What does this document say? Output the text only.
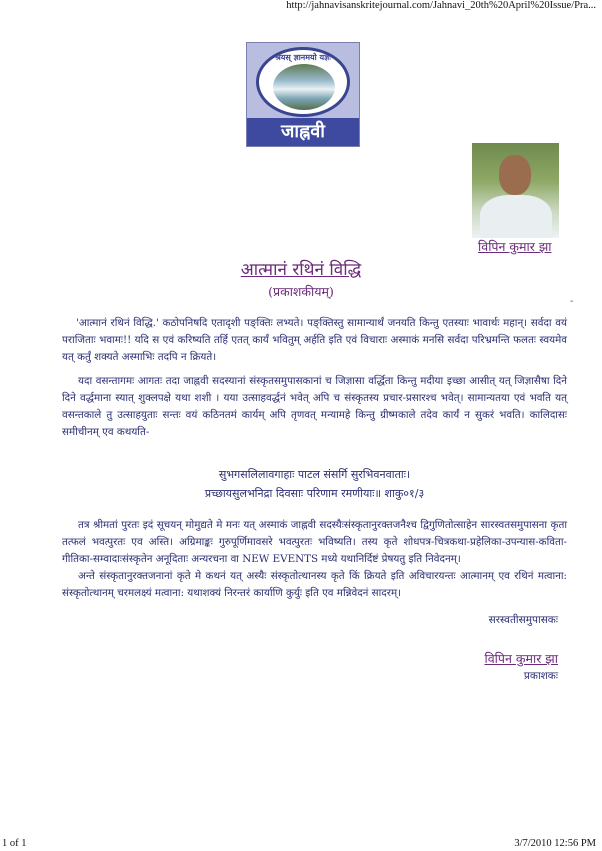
http://jahnavisanskritejournal.com/Jahnavi_20th%20April%20Issue/Pra...
श्रेयस् ज्ञानमयो यज्ञः
जाह्नवी
विपिन कुमार झा
आत्मानं रथिनं विद्धि
(प्रकाशकीयम्)
-

'आत्मानं रथिनं विद्धि.' कठोपनिषदि एतादृशी पङ्क्तिः लभ्यते। पङ्क्तिस्तु सामान्यार्थं जनयति किन्तु एतस्याः भावार्थः महान्। सर्वदा वयं पराजिताः भवामः!! यदि स एवं करिष्यति तर्हि एतत् कार्यं भवितुम् अर्हति इति एवं विचाराः अस्माकं मनसि सर्वदा परिभ्रमन्ति फलतः स्वयमेव यत् कर्तुं शक्यते अस्माभिः तदपि न क्रियते।

यदा वसन्तागमः आगतः तदा जाह्नवी सदस्यानां संस्कृतसमुपासकानां च जिज्ञासा वर्द्धिता किन्तु मदीया इच्छा आसीत् यत् जिज्ञासैषा दिने दिने वर्द्धमाना स्यात् शुक्लपक्षे यथा शशी । यया उत्साहवर्द्धनं भवेत् अपि च संस्कृतस्य प्रचार-प्रसारश्च भवेत्। सामान्यतया एवं भवति यत् वसन्तकाले तु उत्साहयुताः सन्तः वयं कठिनतमं कार्यम् अपि तृणवत् मन्यामहे किन्तु ग्रीष्मकाले तदेव कार्यं न सुकरं भवति। कालिदासः समीचीनम् एव कथयति-

सुभगसलिलावगाहाः पाटल संसर्गि सुरभिवनवाताः।
प्रच्छायसुलभनिद्रा दिवसाः परिणाम रमणीयाः॥ शाकु०१/३

तत्र श्रीमतां पुरतः इदं सूचयन् मोमुद्यते मे मनः यत् अस्माकं जाह्नवी सदस्यैःसंस्कृतानुरक्तजनैश्च द्विगुणितोत्साहेन सारस्वतसमुपासना कृता तत्फलं भवत्पुरतः एव अस्ति। अग्रिमाङ्कः गुरुपूर्णिमावसरे भवत्पुरतः भविष्यति। तस्य कृते शोधपत्र-चित्रकथा-प्रहेलिका-उपन्यास-कविता-गीतिका-सम्वादाःसंस्कृतेन अनूदिताः अन्यरचना वा NEW EVENTS मध्ये यथानिर्दिष्टं प्रेषयतु इति निवेदनम्।

अन्ते संस्कृतानुरक्तजनानां कृते मे कथनं यत् अस्यैः संस्कृतोत्थानस्य कृते किं क्रियते इति अविचारयन्तः आत्मानम् एव रथिनं मत्वाना: संस्कृतोत्थानम् चरमलक्ष्यं मत्वाना: यथाशक्यं निरन्तरं कार्याणि कुर्युः इति एव मन्निवेदनं सादरम्।

सरस्वतीसमुपासकः
विपिन कुमार झा
प्रकाशकः
1 of 1	3/7/2010 12:56 PM
